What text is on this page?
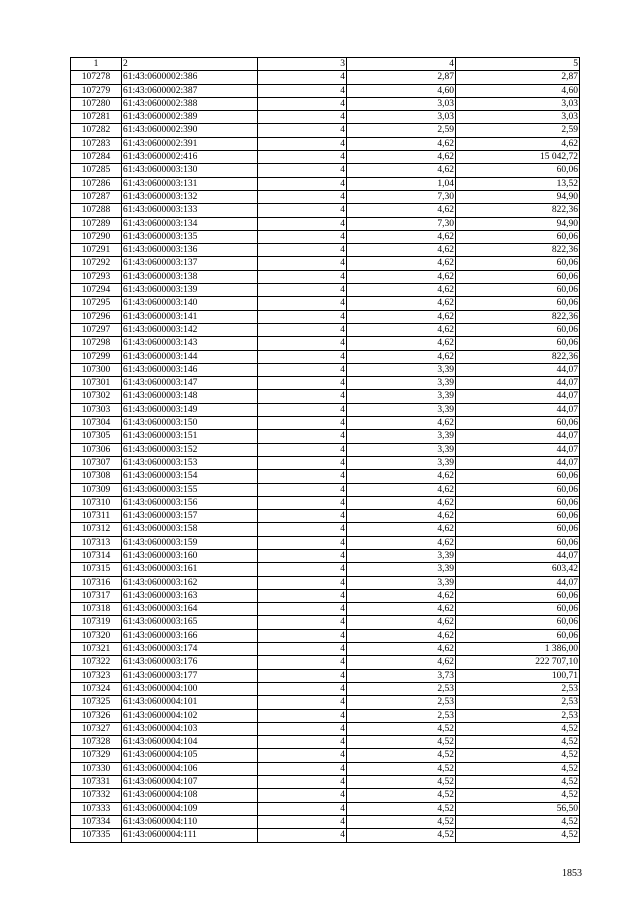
1	2	3	4	5
107278	61:43:0600002:386	4	2,87	2,87
107279	61:43:0600002:387	4	4,60	4,60
107280	61:43:0600002:388	4	3,03	3,03
107281	61:43:0600002:389	4	3,03	3,03
107282	61:43:0600002:390	4	2,59	2,59
107283	61:43:0600002:391	4	4,62	4,62
107284	61:43:0600002:416	4	4,62	15 042,72
107285	61:43:0600003:130	4	4,62	60,06
107286	61:43:0600003:131	4	1,04	13,52
107287	61:43:0600003:132	4	7,30	94,90
107288	61:43:0600003:133	4	4,62	822,36
107289	61:43:0600003:134	4	7,30	94,90
107290	61:43:0600003:135	4	4,62	60,06
107291	61:43:0600003:136	4	4,62	822,36
107292	61:43:0600003:137	4	4,62	60,06
107293	61:43:0600003:138	4	4,62	60,06
107294	61:43:0600003:139	4	4,62	60,06
107295	61:43:0600003:140	4	4,62	60,06
107296	61:43:0600003:141	4	4,62	822,36
107297	61:43:0600003:142	4	4,62	60,06
107298	61:43:0600003:143	4	4,62	60,06
107299	61:43:0600003:144	4	4,62	822,36
107300	61:43:0600003:146	4	3,39	44,07
107301	61:43:0600003:147	4	3,39	44,07
107302	61:43:0600003:148	4	3,39	44,07
107303	61:43:0600003:149	4	3,39	44,07
107304	61:43:0600003:150	4	4,62	60,06
107305	61:43:0600003:151	4	3,39	44,07
107306	61:43:0600003:152	4	3,39	44,07
107307	61:43:0600003:153	4	3,39	44,07
107308	61:43:0600003:154	4	4,62	60,06
107309	61:43:0600003:155	4	4,62	60,06
107310	61:43:0600003:156	4	4,62	60,06
107311	61:43:0600003:157	4	4,62	60,06
107312	61:43:0600003:158	4	4,62	60,06
107313	61:43:0600003:159	4	4,62	60,06
107314	61:43:0600003:160	4	3,39	44,07
107315	61:43:0600003:161	4	3,39	603,42
107316	61:43:0600003:162	4	3,39	44,07
107317	61:43:0600003:163	4	4,62	60,06
107318	61:43:0600003:164	4	4,62	60,06
107319	61:43:0600003:165	4	4,62	60,06
107320	61:43:0600003:166	4	4,62	60,06
107321	61:43:0600003:174	4	4,62	1 386,00
107322	61:43:0600003:176	4	4,62	222 707,10
107323	61:43:0600003:177	4	3,73	100,71
107324	61:43:0600004:100	4	2,53	2,53
107325	61:43:0600004:101	4	2,53	2,53
107326	61:43:0600004:102	4	2,53	2,53
107327	61:43:0600004:103	4	4,52	4,52
107328	61:43:0600004:104	4	4,52	4,52
107329	61:43:0600004:105	4	4,52	4,52
107330	61:43:0600004:106	4	4,52	4,52
107331	61:43:0600004:107	4	4,52	4,52
107332	61:43:0600004:108	4	4,52	4,52
107333	61:43:0600004:109	4	4,52	56,50
107334	61:43:0600004:110	4	4,52	4,52
107335	61:43:0600004:111	4	4,52	4,52
1853
